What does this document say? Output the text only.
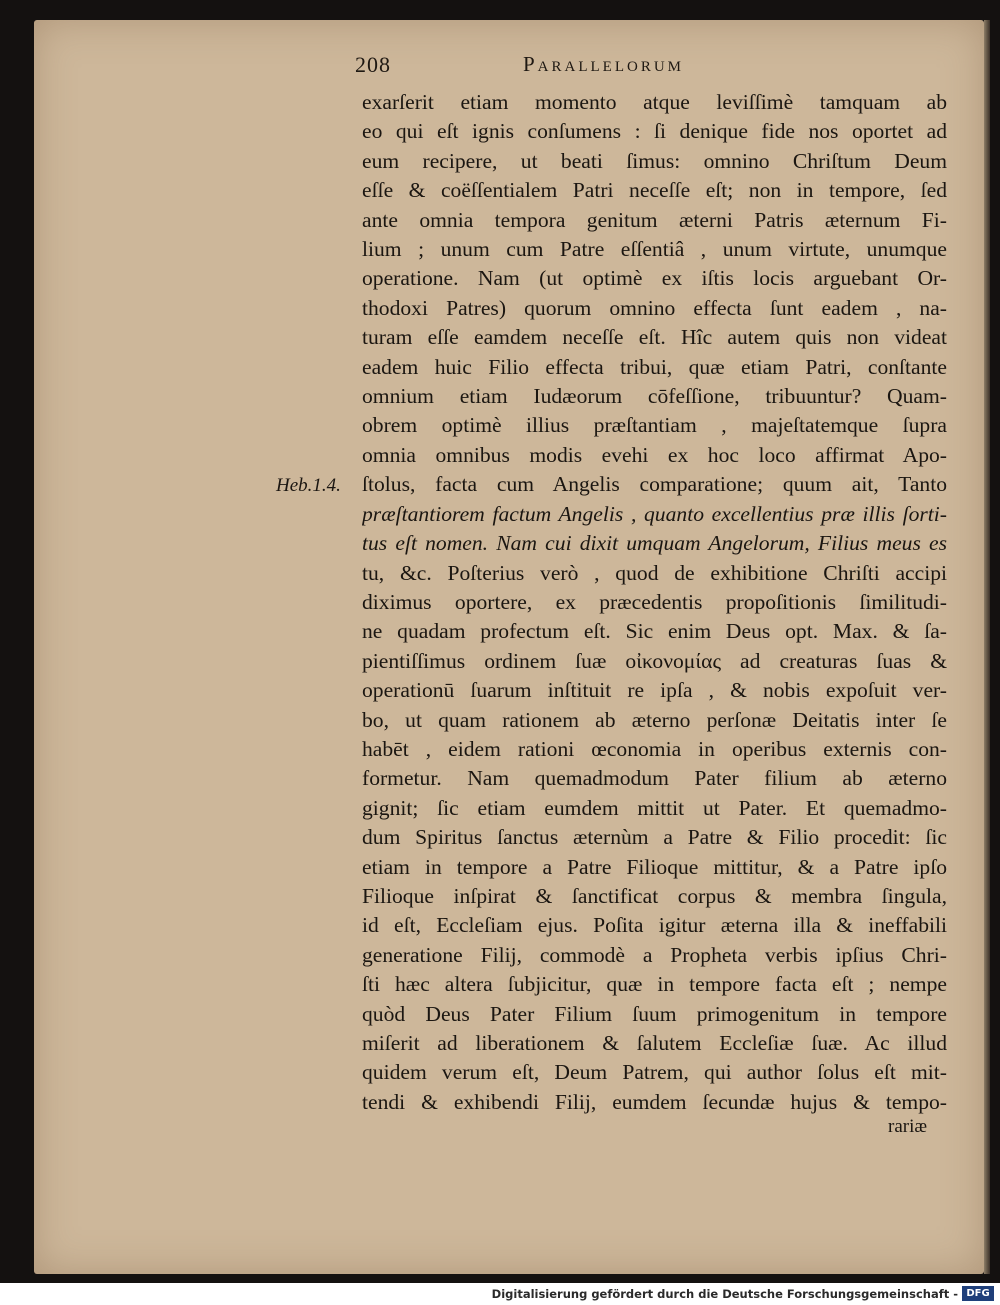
208	Parallelorum
Heb.1.4.
exarſerit etiam momento atque leviſſimè tamquam ab
eo qui eſt ignis conſumens : ſi denique fide nos oportet ad
eum recipere, ut beati ſimus: omnino Chriſtum Deum
eſſe & coëſſentialem Patri neceſſe eſt; non in tempore, ſed
ante omnia tempora genitum æterni Patris æternum Fi-
lium ; unum cum Patre eſſentiâ , unum virtute, unumque
operatione. Nam (ut optimè ex iſtis locis arguebant Or-
thodoxi Patres) quorum omnino effecta ſunt eadem , na-
turam eſſe eamdem neceſſe eſt. Hîc autem quis non videat
eadem huic Filio effecta tribui, quæ etiam Patri, conſtante
omnium etiam Iudæorum cōfeſſione, tribuuntur? Quam-
obrem optimè illius præſtantiam , majeſtatemque ſupra
omnia omnibus modis evehi ex hoc loco affirmat Apo-
ſtolus, facta cum Angelis comparatione; quum ait, Tanto
præſtantiorem factum Angelis , quanto excellentius præ illis ſorti-
tus eſt nomen. Nam cui dixit umquam Angelorum, Filius meus es
tu, &c. Poſterius verò , quod de exhibitione Chriſti accipi
diximus oportere, ex præcedentis propoſitionis ſimilitudi-
ne quadam profectum eſt. Sic enim Deus opt. Max. & ſa-
pientiſſimus ordinem ſuæ οἰκονομίας ad creaturas ſuas &
operationū ſuarum inſtituit re ipſa , & nobis expoſuit ver-
bo, ut quam rationem ab æterno perſonæ Deitatis inter ſe
habēt , eidem rationi œconomia in operibus externis con-
formetur. Nam quemadmodum Pater filium ab æterno
gignit; ſic etiam eumdem mittit ut Pater. Et quemadmo-
dum Spiritus ſanctus æternùm a Patre & Filio procedit: ſic
etiam in tempore a Patre Filioque mittitur, & a Patre ipſo
Filioque inſpirat & ſanctificat corpus & membra ſingula,
id eſt, Eccleſiam ejus. Poſita igitur æterna illa & ineffabili
generatione Filij, commodè a Propheta verbis ipſius Chri-
ſti hæc altera ſubjicitur, quæ in tempore facta eſt ; nempe
quòd Deus Pater Filium ſuum primogenitum in tempore
miſerit ad liberationem & ſalutem Eccleſiæ ſuæ. Ac illud
quidem verum eſt, Deum Patrem, qui author ſolus eſt mit-
tendi & exhibendi Filij, eumdem ſecundæ hujus & tempo-
rariæ
Digitalisierung gefördert durch die Deutsche Forschungsgemeinschaft - DFG
